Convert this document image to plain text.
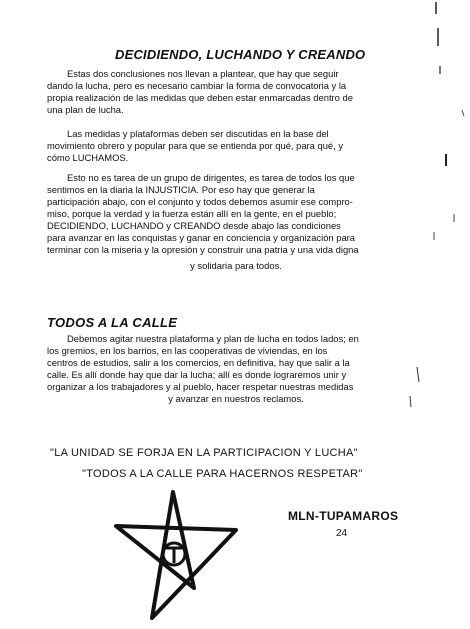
DECIDIENDO, LUCHANDO Y CREANDO

Estas dos conclusiones nos llevan a plantear, que hay que seguir
dando la lucha, pero es necesario cambiar la forma de convocatoria y la
propia realización de las medidas que deben estar enmarcadas dentro de
una plan de lucha.

Las medidas y plataformas deben ser discutidas en la base del
movimiento obrero y popular para que se entienda por qué, para qué, y
cómo LUCHAMOS.

Esto no es tarea de un grupo de dirigentes, es tarea de todos los que
sentimos en la diaria la INJUSTICIA. Por eso hay que generar la
participación abajo, con el conjunto y todos debemos asumir ese compro-
miso, porque la verdad y la fuerza están allí en la gente, en el pueblo;
DECIDIENDO, LUCHANDO y CREANDO desde abajo las condiciones
para avanzar en las conquistas y ganar en conciencia y organización para
terminar con la miseria y la opresión y construir una patria y una vida digna
y solidaria para todos.

TODOS A LA CALLE

Debemos agitar nuestra plataforma y plan de lucha en todos lados; en
los gremios, en los barrios, en las cooperativas de viviendas, en los
centros de estudios, salir a los comercios, en definitiva, hay que salir a la
calle. Es allí donde hay que dar la lucha; allí es donde lograremos unir y
organizar a los trabajadores y al pueblo, hacer respetar nuestras medidas
y avanzar en nuestros reclamos.

"LA UNIDAD SE FORJA EN LA PARTICIPACION Y LUCHA"
"TODOS A LA CALLE PARA HACERNOS RESPETAR"
MLN-TUPAMAROS
24
